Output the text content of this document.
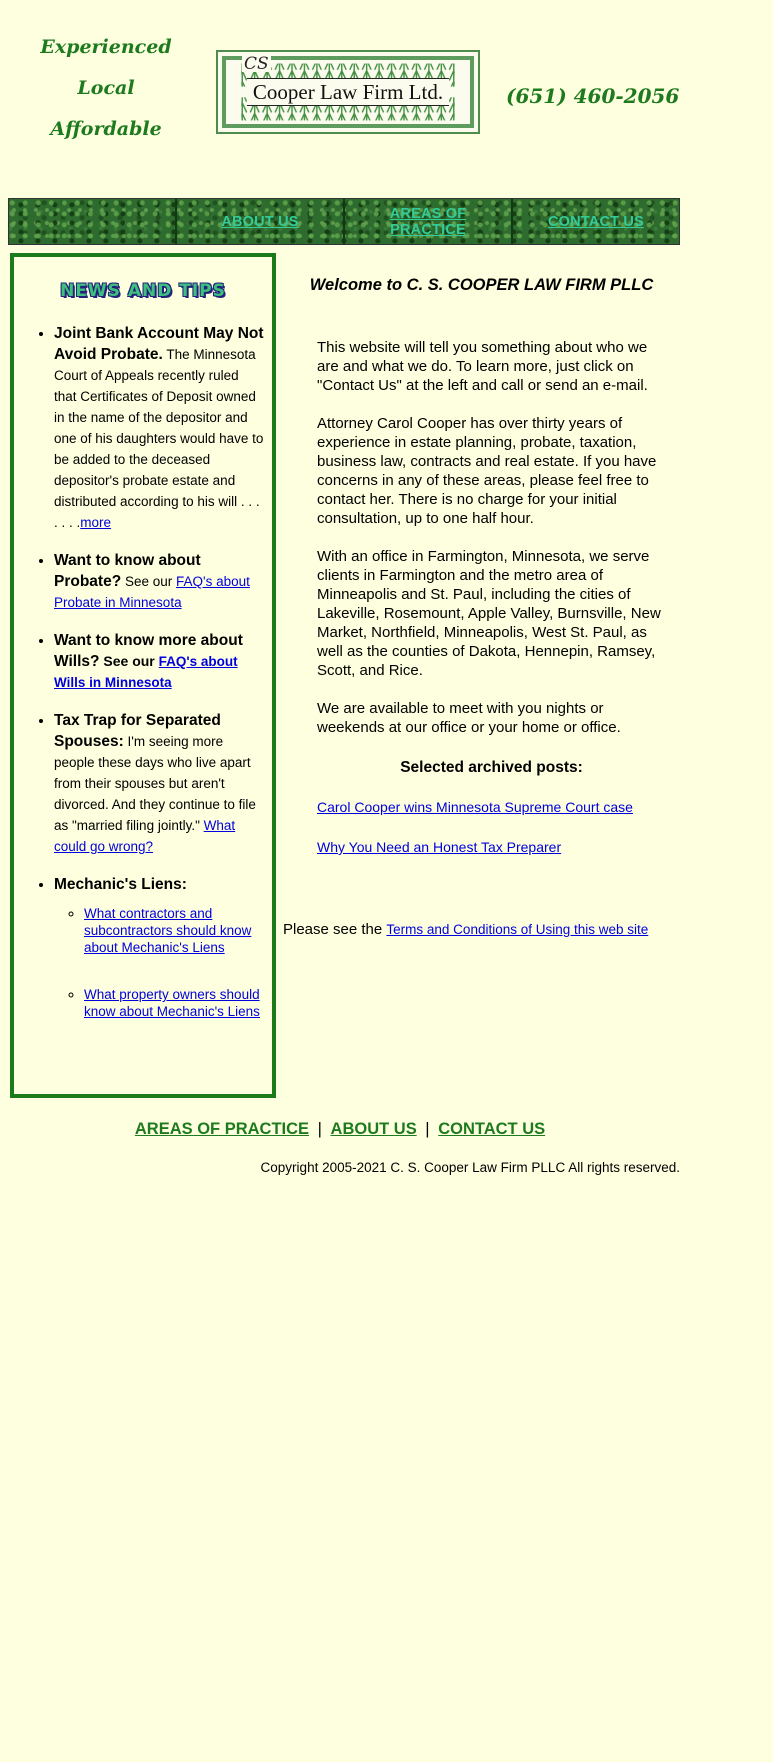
Experienced
Local
Affordable
Cooper Law Firm Ltd.
CS
(651) 460-2056
ABOUT US	AREAS OF PRACTICE	CONTACT US
NEWS AND TIPS
• Joint Bank Account May Not Avoid Probate. The Minnesota Court of Appeals recently ruled that Certificates of Deposit owned in the name of the depositor and one of his daughters would have to be added to the deceased depositor's probate estate and distributed according to his will . . . . . . .more
• Want to know about Probate? See our FAQ's about Probate in Minnesota
• Want to know more about Wills? See our FAQ's about Wills in Minnesota
• Tax Trap for Separated Spouses: I'm seeing more people these days who live apart from their spouses but aren't divorced. And they continue to file as "married filing jointly." What could go wrong?
• Mechanic's Liens:
◦ What contractors and subcontractors should know about Mechanic's Liens
◦ What property owners should know about Mechanic's Liens
Welcome to C. S. COOPER LAW FIRM PLLC

This website will tell you something about who we are and what we do. To learn more, just click on "Contact Us" at the left and call or send an e-mail.

Attorney Carol Cooper has over thirty years of experience in estate planning, probate, taxation, business law, contracts and real estate. If you have concerns in any of these areas, please feel free to contact her. There is no charge for your initial consultation, up to one half hour.

With an office in Farmington, Minnesota, we serve clients in Farmington and the metro area of Minneapolis and St. Paul, including the cities of Lakeville, Rosemount, Apple Valley, Burnsville, New Market, Northfield, Minneapolis, West St. Paul, as well as the counties of Dakota, Hennepin, Ramsey, Scott, and Rice.

We are available to meet with you nights or weekends at our office or your home or office.

Selected archived posts:
Carol Cooper wins Minnesota Supreme Court case
Why You Need an Honest Tax Preparer
Please see the Terms and Conditions of Using this web site
AREAS OF PRACTICE | ABOUT US | CONTACT US
Copyright 2005-2021 C. S. Cooper Law Firm PLLC All rights reserved.
